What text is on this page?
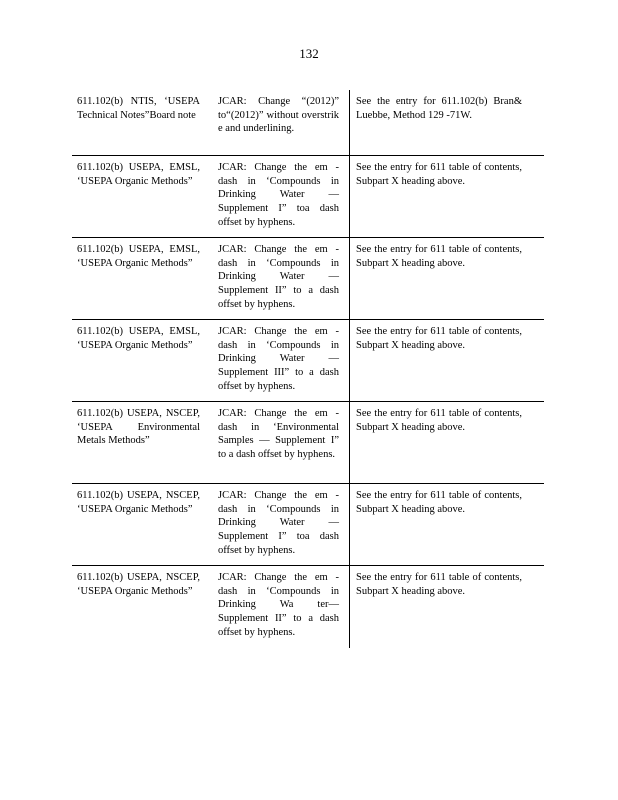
132
611.102(b) NTIS, ‘USEPA Technical Notes”Board note
JCAR: Change “(2012)” to“(2012)” without overstrik e and underlining.
See the entry for 611.102(b) Bran& Luebbe, Method 129 -71W.
611.102(b) USEPA, EMSL, ‘USEPA Organic Methods”
JCAR: Change the em - dash in ‘Compounds in Drinking Water — Supplement I” toa dash offset by hyphens.
See the entry for 611 table of contents, Subpart X heading above.
611.102(b) USEPA, EMSL, ‘USEPA Organic Methods”
JCAR: Change the em - dash in ‘Compounds in Drinking Water — Supplement II” to a dash offset by hyphens.
See the entry for 611 table of contents, Subpart X heading above.
611.102(b) USEPA, EMSL, ‘USEPA Organic Methods”
JCAR: Change the em - dash in ‘Compounds in Drinking Water — Supplement III” to a dash offset by hyphens.
See the entry for 611 table of contents, Subpart X heading above.
611.102(b) USEPA, NSCEP, ‘USEPA Environmental Metals Methods”
JCAR: Change the em - dash in ‘Environmental Samples — Supplement I” to a dash offset by hyphens.
See the entry for 611 table of contents, Subpart X heading above.
611.102(b) USEPA, NSCEP, ‘USEPA Organic Methods”
JCAR: Change the em - dash in ‘Compounds in Drinking Water — Supplement I” toa dash offset by hyphens.
See the entry for 611 table of contents, Subpart X heading above.
611.102(b) USEPA, NSCEP, ‘USEPA Organic Methods”
JCAR: Change the em - dash in ‘Compounds in Drinking Wa ter— Supplement II” to a dash offset by hyphens.
See the entry for 611 table of contents, Subpart X heading above.
